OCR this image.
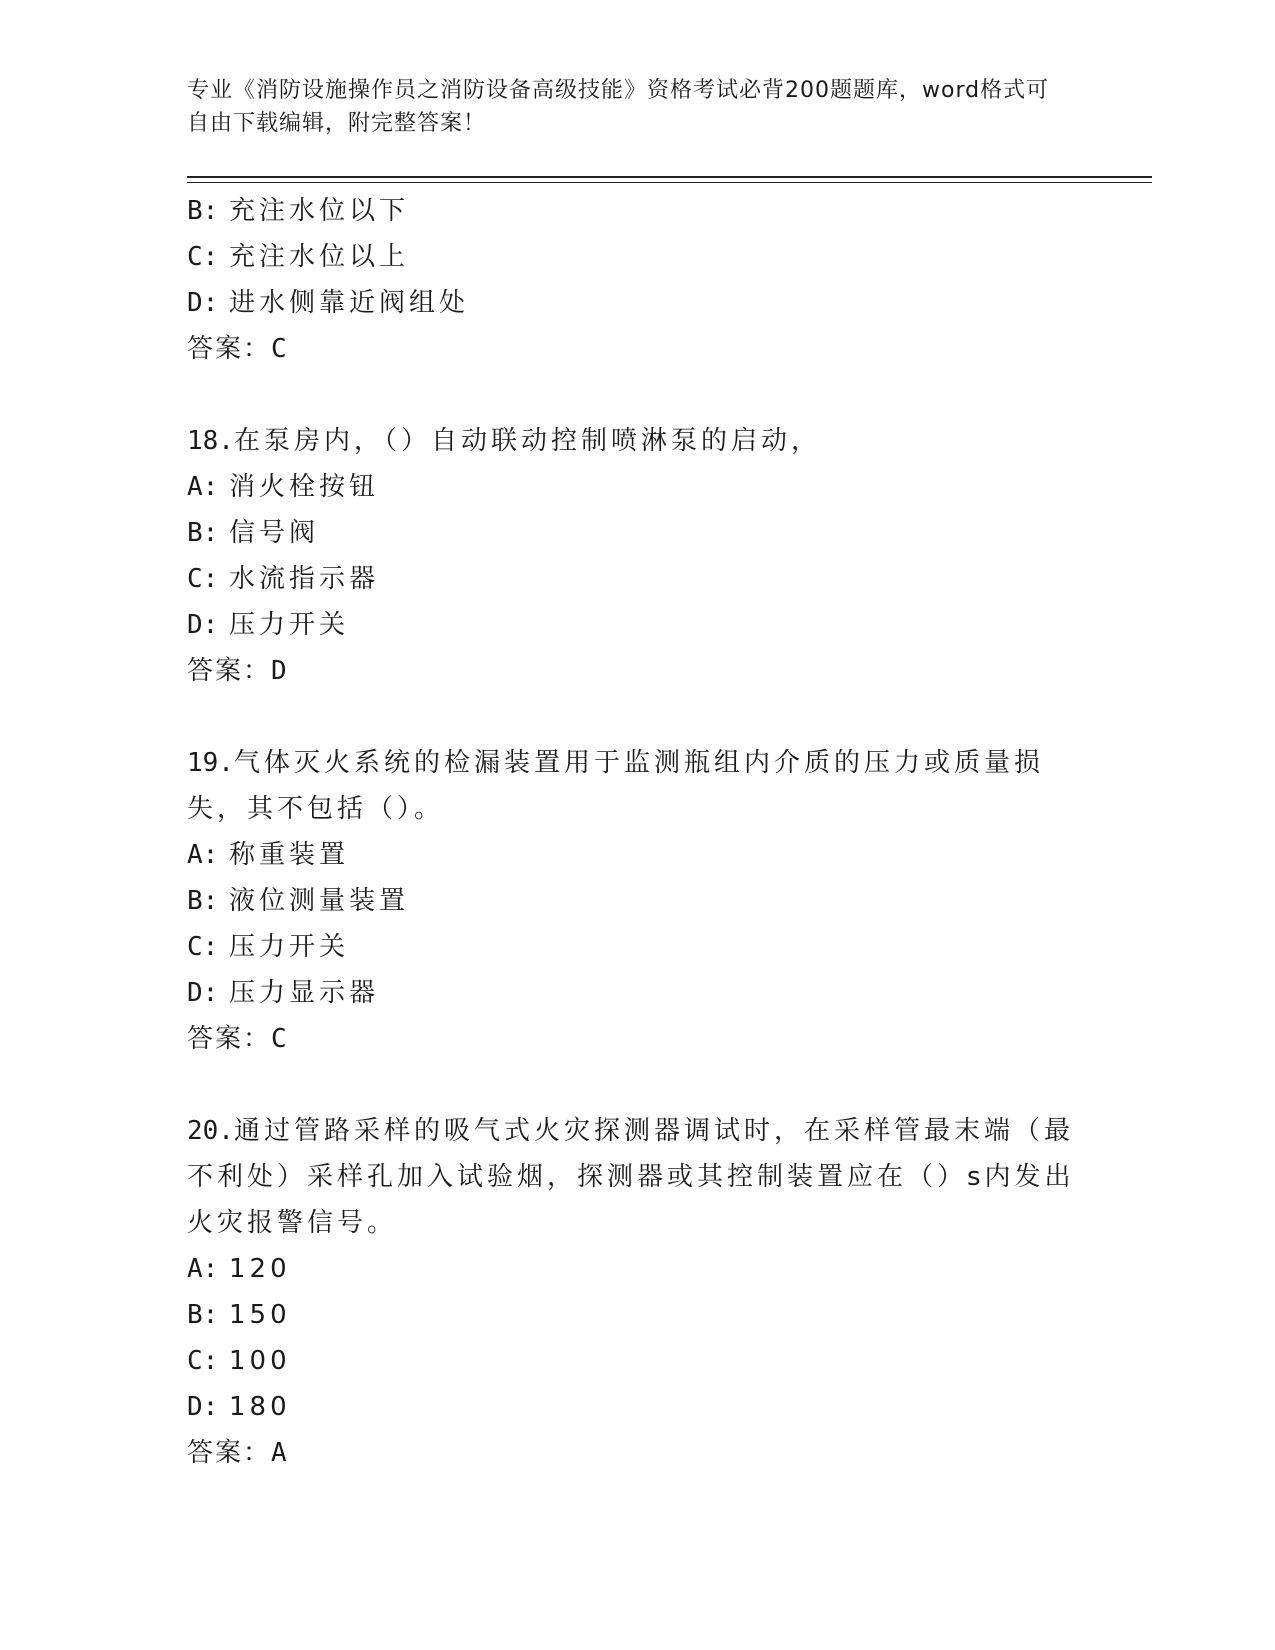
专业《消防设施操作员之消防设备高级技能》资格考试必背200题题库，word格式可自由下载编辑，附完整答案！
B: 充注水位以下
C: 充注水位以上
D: 进水侧靠近阀组处
答案：C
18.在泵房内，（）自动联动控制喷淋泵的启动，
A: 消火栓按钮
B: 信号阀
C: 水流指示器
D: 压力开关
答案：D
19.气体灭火系统的检漏装置用于监测瓶组内介质的压力或质量损失，其不包括（）。
A: 称重装置
B: 液位测量装置
C: 压力开关
D: 压力显示器
答案：C
20.通过管路采样的吸气式火灾探测器调试时，在采样管最末端（最不利处）采样孔加入试验烟，探测器或其控制装置应在（）s内发出火灾报警信号。
A: 120
B: 150
C: 100
D: 180
答案：A
